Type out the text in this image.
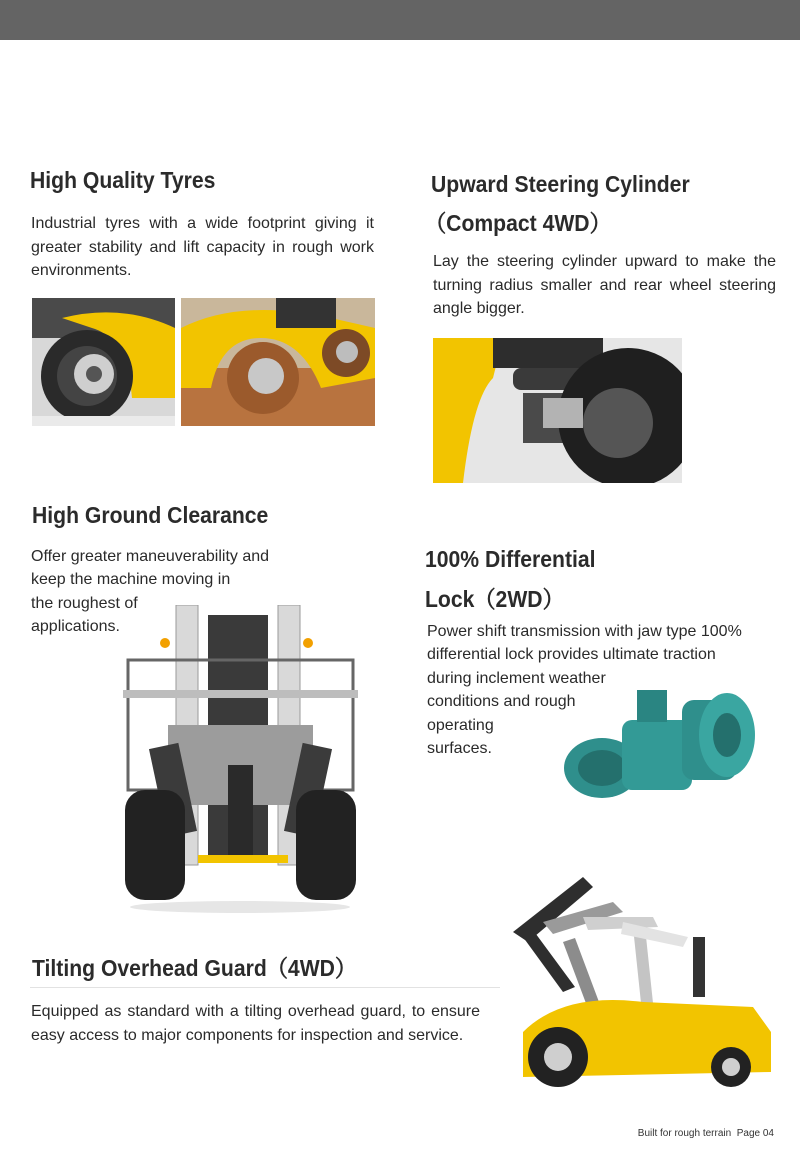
High Quality Tyres

Industrial tyres with a wide footprint giving it greater stability and lift capacity in rough work environments.

Upward Steering Cylinder
（Compact 4WD）

Lay the steering cylinder upward to make the turning radius smaller and rear wheel steering angle bigger.

High Ground Clearance

Offer greater maneuverability and

keep the machine moving in

the roughest of

applications.

100% Differential
Lock（2WD）

Power shift transmission with jaw type 100%

differential lock provides ultimate traction

during inclement weather

conditions and rough

operating

surfaces.

Tilting Overhead Guard（4WD）

Equipped as standard with a tilting overhead guard, to ensure easy access to major components for inspection and service.

Built for rough terrain Page 04
